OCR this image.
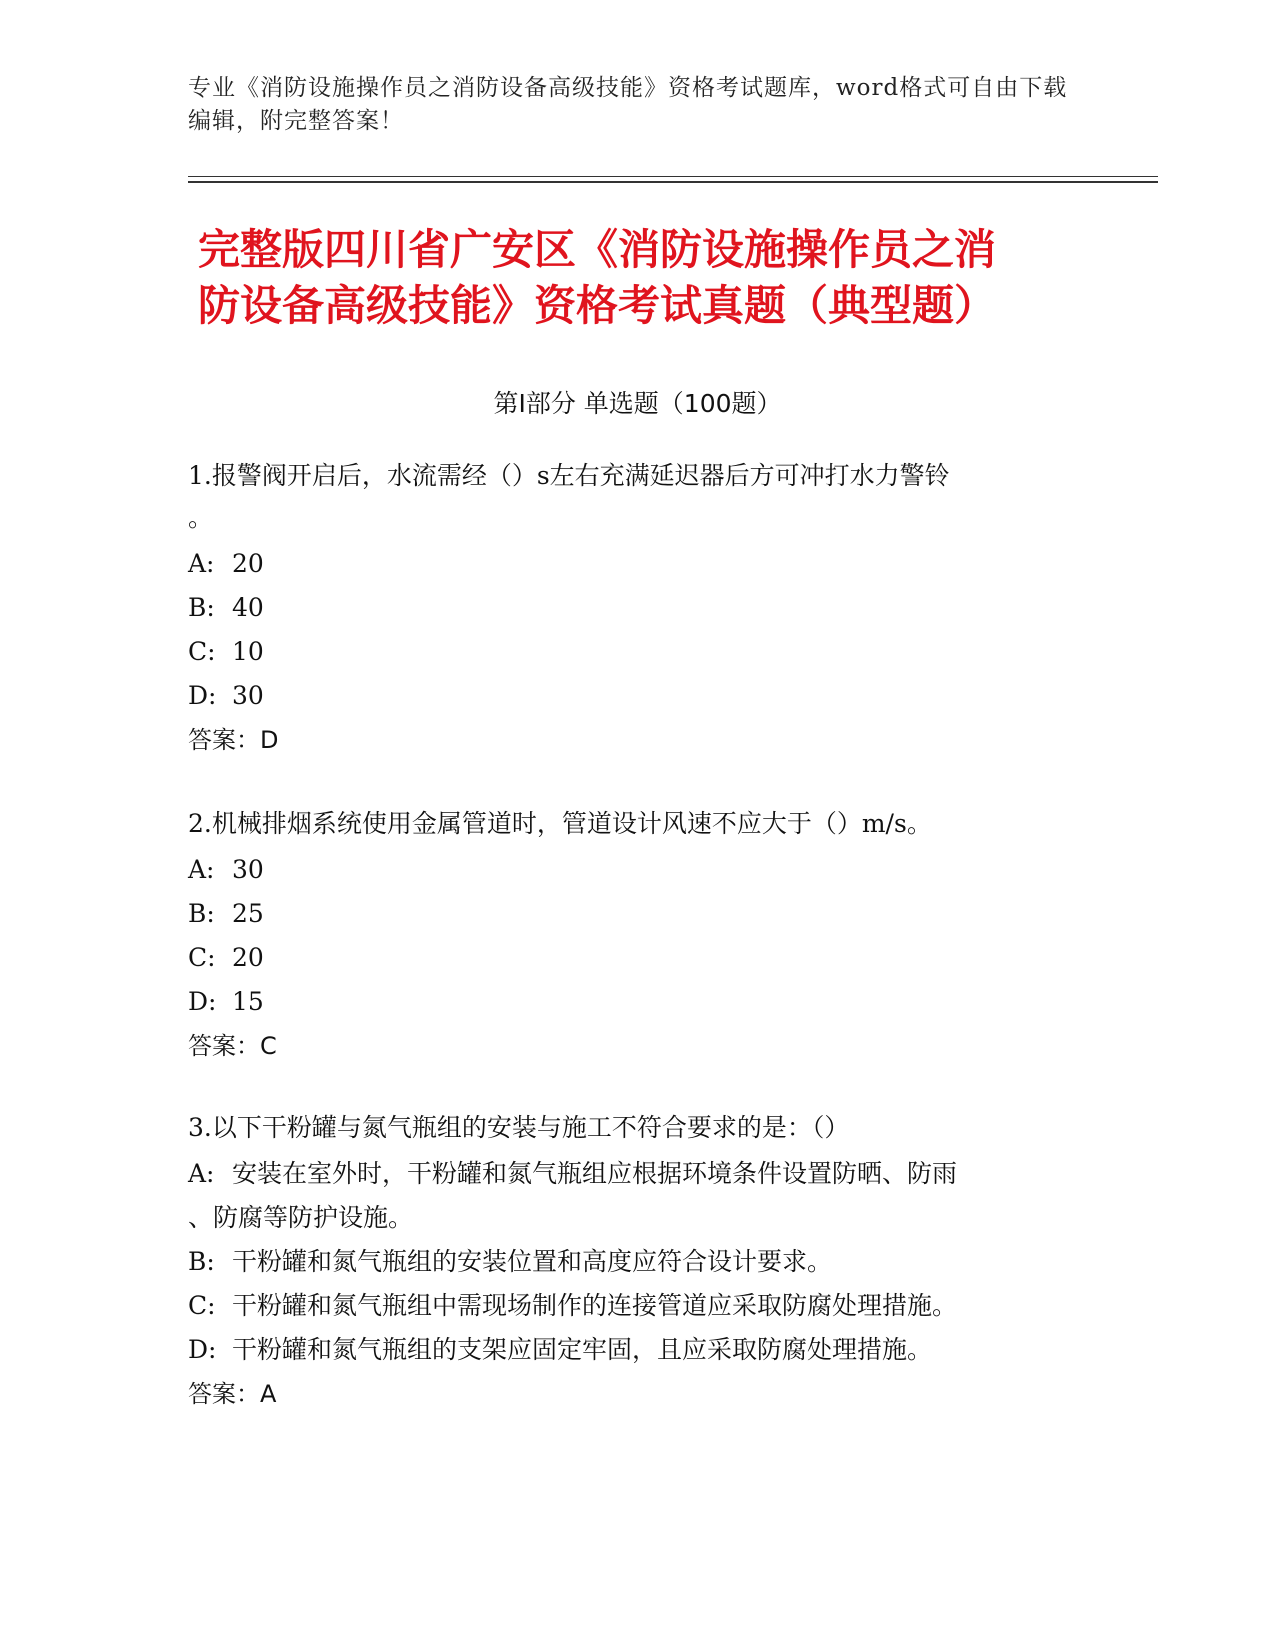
专业《消防设施操作员之消防设备高级技能》资格考试题库，word格式可自由下载编辑，附完整答案！
完整版四川省广安区《消防设施操作员之消
防设备高级技能》资格考试真题（典型题）
第Ⅰ部分 单选题（100题）

1.报警阀开启后，水流需经（）s左右充满延迟器后方可冲打水力警铃

。

A: 20

B: 40

C: 10

D: 30

答案：D

2.机械排烟系统使用金属管道时，管道设计风速不应大于（）m/s。

A: 30

B: 25

C: 20

D: 15

答案：C

3.以下干粉罐与氮气瓶组的安装与施工不符合要求的是：（）

A: 安装在室外时，干粉罐和氮气瓶组应根据环境条件设置防晒、防雨

、防腐等防护设施。

B: 干粉罐和氮气瓶组的安装位置和高度应符合设计要求。

C: 干粉罐和氮气瓶组中需现场制作的连接管道应采取防腐处理措施。

D: 干粉罐和氮气瓶组的支架应固定牢固，且应采取防腐处理措施。

答案：A
